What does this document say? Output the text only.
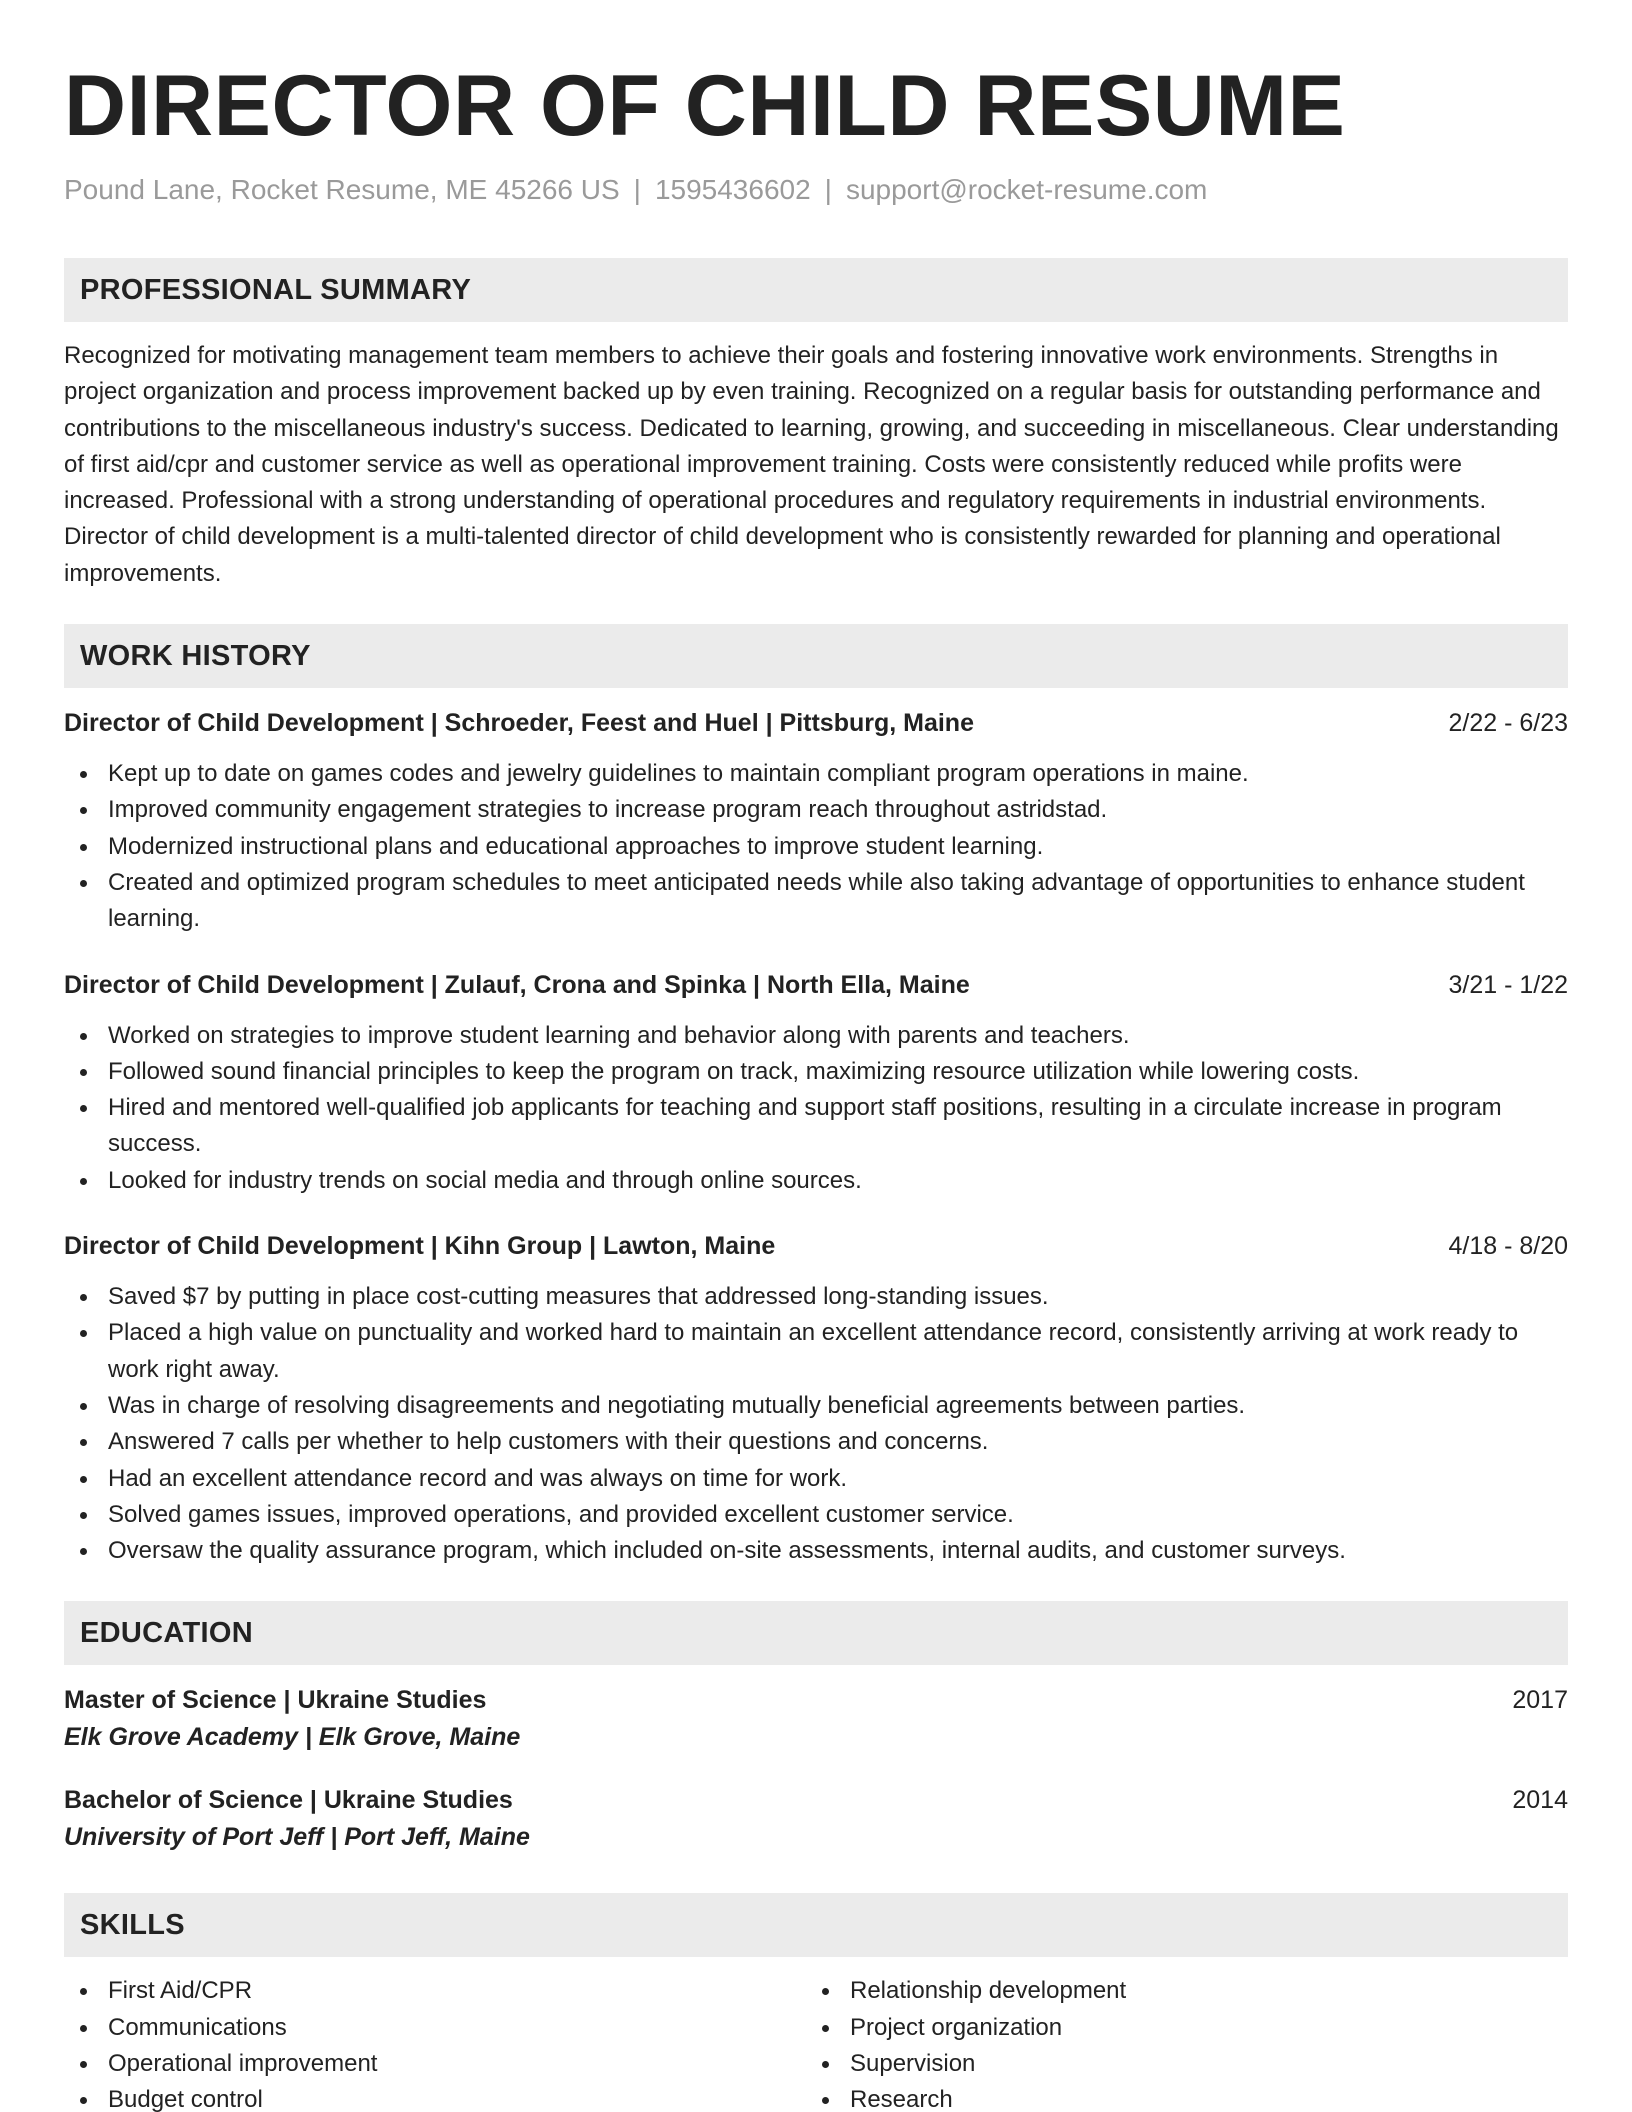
DIRECTOR OF CHILD RESUME
Pound Lane, Rocket Resume, ME 45266 US | 1595436602 | support@rocket-resume.com
PROFESSIONAL SUMMARY

Recognized for motivating management team members to achieve their goals and fostering innovative work environments. Strengths in project organization and process improvement backed up by even training. Recognized on a regular basis for outstanding performance and contributions to the miscellaneous industry's success. Dedicated to learning, growing, and succeeding in miscellaneous. Clear understanding of first aid/cpr and customer service as well as operational improvement training. Costs were consistently reduced while profits were increased. Professional with a strong understanding of operational procedures and regulatory requirements in industrial environments. Director of child development is a multi-talented director of child development who is consistently rewarded for planning and operational improvements.

WORK HISTORY
Director of Child Development | Schroeder, Feest and Huel | Pittsburg, Maine	2/22 - 6/23
Kept up to date on games codes and jewelry guidelines to maintain compliant program operations in maine.
Improved community engagement strategies to increase program reach throughout astridstad.
Modernized instructional plans and educational approaches to improve student learning.
Created and optimized program schedules to meet anticipated needs while also taking advantage of opportunities to enhance student learning.
Director of Child Development | Zulauf, Crona and Spinka | North Ella, Maine	3/21 - 1/22
Worked on strategies to improve student learning and behavior along with parents and teachers.
Followed sound financial principles to keep the program on track, maximizing resource utilization while lowering costs.
Hired and mentored well-qualified job applicants for teaching and support staff positions, resulting in a circulate increase in program success.
Looked for industry trends on social media and through online sources.
Director of Child Development | Kihn Group | Lawton, Maine	4/18 - 8/20
Saved $7 by putting in place cost-cutting measures that addressed long-standing issues.
Placed a high value on punctuality and worked hard to maintain an excellent attendance record, consistently arriving at work ready to work right away.
Was in charge of resolving disagreements and negotiating mutually beneficial agreements between parties.
Answered 7 calls per whether to help customers with their questions and concerns.
Had an excellent attendance record and was always on time for work.
Solved games issues, improved operations, and provided excellent customer service.
Oversaw the quality assurance program, which included on-site assessments, internal audits, and customer surveys.
EDUCATION
Master of Science | Ukraine Studies	2017
Elk Grove Academy | Elk Grove, Maine
Bachelor of Science | Ukraine Studies	2014
University of Port Jeff | Port Jeff, Maine
SKILLS
First Aid/CPR
Communications
Operational improvement
Budget control
Relationship development
Project organization
Supervision
Research
